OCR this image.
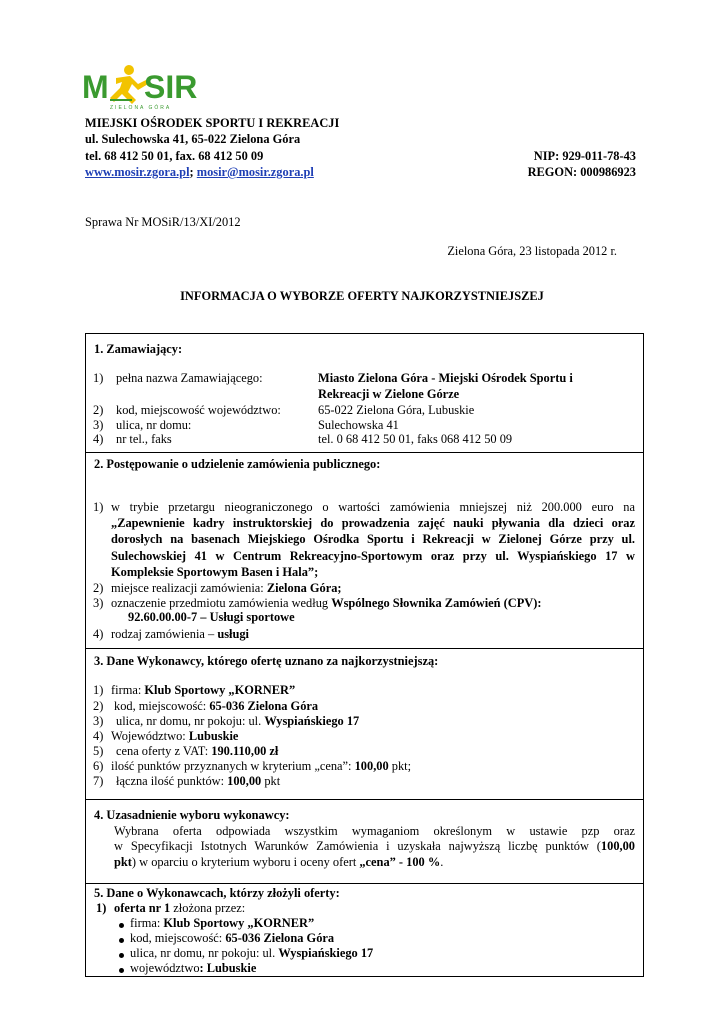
M SIR
ZIELONA GÓRA
MIEJSKI OŚRODEK SPORTU I REKREACJI
ul. Sulechowska 41, 65-022 Zielona Góra
tel. 68 412 50 01, fax. 68 412 50 09	NIP: 929-011-78-43
www.mosir.zgora.pl; mosir@mosir.zgora.pl	REGON: 000986923
Sprawa Nr MOSiR/13/XI/2012
Zielona Góra, 23 listopada 2012 r.
INFORMACJA O WYBORZE OFERTY NAJKORZYSTNIEJSZEJ
1. Zamawiający:
1) pełna nazwa Zamawiającego:	Miasto Zielona Góra - Miejski Ośrodek Sportu i
Rekreacji w Zielone Górze
2) kod, miejscowość województwo:	65-022 Zielona Góra, Lubuskie
3) ulica, nr domu:	Sulechowska 41
4) nr tel., faks	tel. 0 68 412 50 01, faks 068 412 50 09
2. Postępowanie o udzielenie zamówienia publicznego:
1) w trybie przetargu nieograniczonego o wartości zamówienia mniejszej niż 200.000 euro na
„Zapewnienie kadry instruktorskiej do prowadzenia zajęć nauki pływania dla dzieci oraz
dorosłych na basenach Miejskiego Ośrodka Sportu i Rekreacji w Zielonej Górze przy ul.
Sulechowskiej 41 w Centrum Rekreacyjno-Sportowym oraz przy ul. Wyspiańskiego 17 w
Kompleksie Sportowym Basen i Hala”;
2) miejsce realizacji zamówienia: Zielona Góra;
3) oznaczenie przedmiotu zamówienia według Wspólnego Słownika Zamówień (CPV):
92.60.00.00-7 – Usługi sportowe
4) rodzaj zamówienia – usługi
3. Dane Wykonawcy, którego ofertę uznano za najkorzystniejszą:
1) firma: Klub Sportowy „KORNER”
2) kod, miejscowość: 65-036 Zielona Góra
3) ulica, nr domu, nr pokoju: ul. Wyspiańskiego 17
4) Województwo: Lubuskie
5) cena oferty z VAT: 190.110,00 zł
6) ilość punktów przyznanych w kryterium „cena”: 100,00 pkt;
7) łączna ilość punktów: 100,00 pkt
4. Uzasadnienie wyboru wykonawcy:
Wybrana oferta odpowiada wszystkim wymaganiom określonym w ustawie pzp oraz
w Specyfikacji Istotnych Warunków Zamówienia i uzyskała najwyższą liczbę punktów (100,00
pkt) w oparciu o kryterium wyboru i oceny ofert „cena” - 100 %.
5. Dane o Wykonawcach, którzy złożyli oferty:
1) oferta nr 1 złożona przez:
firma: Klub Sportowy „KORNER”
kod, miejscowość: 65-036 Zielona Góra
ulica, nr domu, nr pokoju: ul. Wyspiańskiego 17
województwo: Lubuskie
